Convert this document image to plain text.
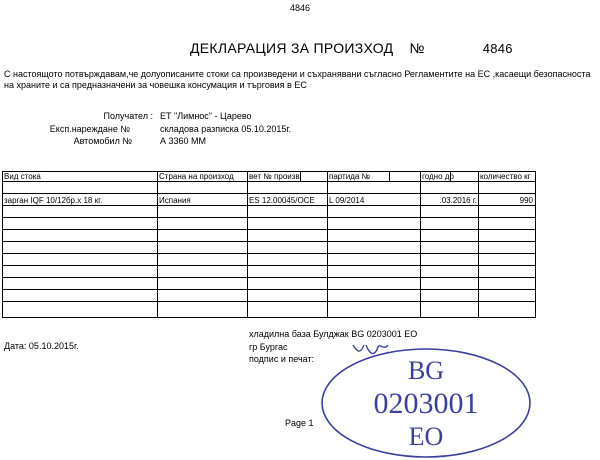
4846
ДЕКЛАРАЦИЯ ЗА ПРОИЗХОД №	4846
С настоящото потвърждавам,че долуописаните стоки са произведени и съхранявани съгласно Регламентите на ЕС ,касаещи безопасноста
на храните и са предназначени за човешка консумация и търговия в ЕС
Получател : ЕТ "Лимнос" - Царево
Експ.нареждане №	складова разписка 05.10.2015г.
Автомобил №	А 3360 ММ
Вид стока	Страна на произход	вет № произв.	партида №	годно до	количество кг
зарган IQF 10/12бр.х 18 кг.	Испания	ES 12.00045/OCE	L 09/2014	.03.2016 г.	990
Дата: 05.10.2015г.
хладилна база Булджак BG 0203001 ЕО
гр Бургас
подпис и печат:
Page 1
BG
0203001
EO
